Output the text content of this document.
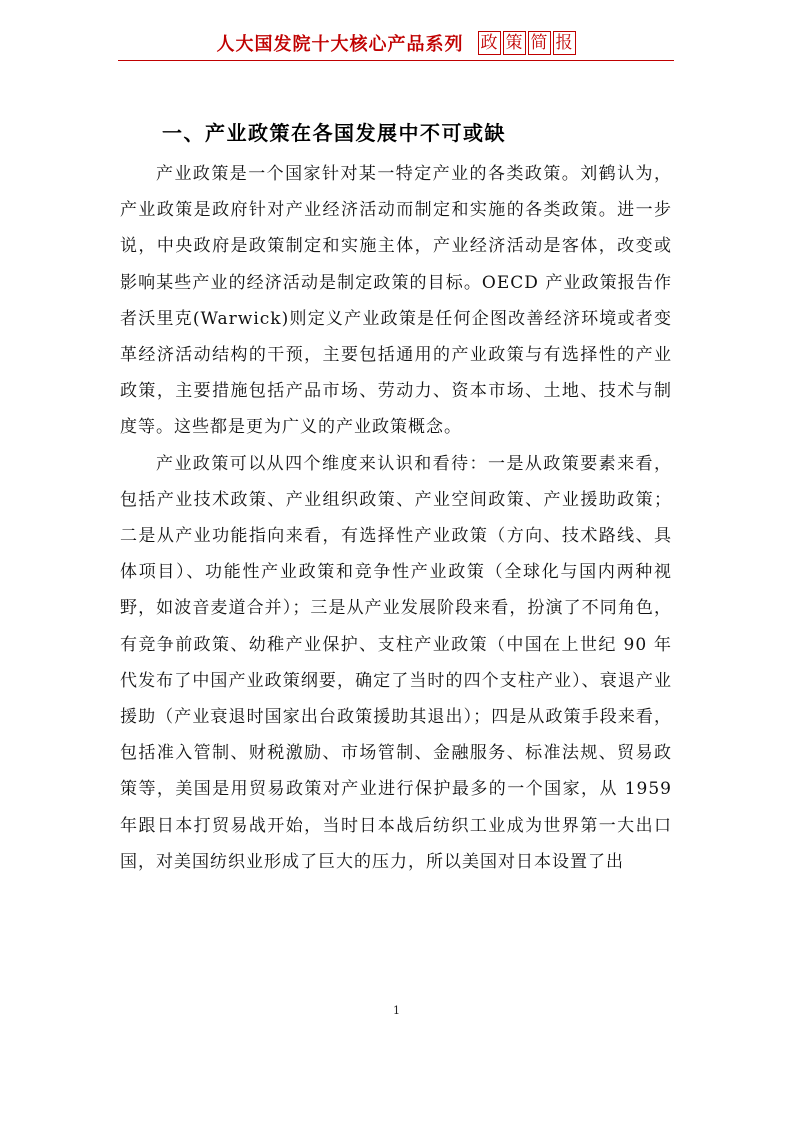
人大国发院十大核心产品系列 政 策 简 报
一、产业政策在各国发展中不可或缺

产业政策是一个国家针对某一特定产业的各类政策。刘鹤认为，产业政策是政府针对产业经济活动而制定和实施的各类政策。进一步说，中央政府是政策制定和实施主体，产业经济活动是客体，改变或影响某些产业的经济活动是制定政策的目标。OECD 产业政策报告作者沃里克(Warwick)则定义产业政策是任何企图改善经济环境或者变革经济活动结构的干预，主要包括通用的产业政策与有选择性的产业政策，主要措施包括产品市场、劳动力、资本市场、土地、技术与制度等。这些都是更为广义的产业政策概念。

产业政策可以从四个维度来认识和看待：一是从政策要素来看，包括产业技术政策、产业组织政策、产业空间政策、产业援助政策；二是从产业功能指向来看，有选择性产业政策（方向、技术路线、具体项目）、功能性产业政策和竞争性产业政策（全球化与国内两种视野，如波音麦道合并）；三是从产业发展阶段来看，扮演了不同角色，有竞争前政策、幼稚产业保护、支柱产业政策（中国在上世纪 90 年代发布了中国产业政策纲要，确定了当时的四个支柱产业）、衰退产业援助（产业衰退时国家出台政策援助其退出）；四是从政策手段来看，包括准入管制、财税激励、市场管制、金融服务、标准法规、贸易政策等，美国是用贸易政策对产业进行保护最多的一个国家，从 1959 年跟日本打贸易战开始，当时日本战后纺织工业成为世界第一大出口国，对美国纺织业形成了巨大的压力，所以美国对日本设置了出

1
